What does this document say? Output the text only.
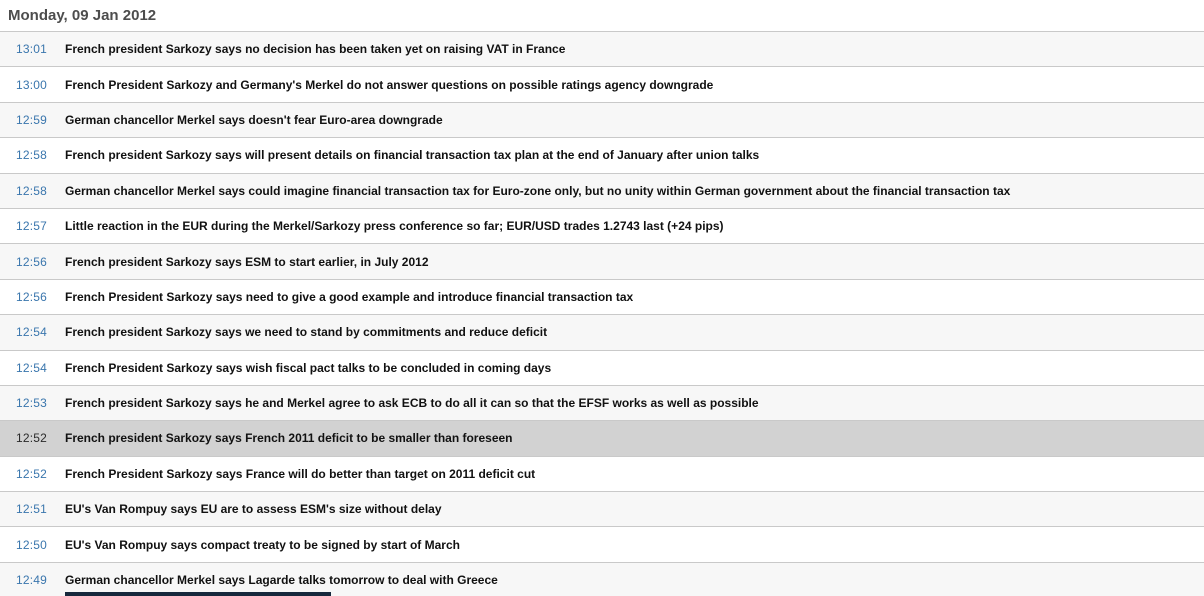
Monday, 09 Jan 2012
13:01	French president Sarkozy says no decision has been taken yet on raising VAT in France
13:00	French President Sarkozy and Germany's Merkel do not answer questions on possible ratings agency downgrade
12:59	German chancellor Merkel says doesn't fear Euro-area downgrade
12:58	French president Sarkozy says will present details on financial transaction tax plan at the end of January after union talks
12:58	German chancellor Merkel says could imagine financial transaction tax for Euro-zone only, but no unity within German government about the financial transaction tax
12:57	Little reaction in the EUR during the Merkel/Sarkozy press conference so far; EUR/USD trades 1.2743 last (+24 pips)
12:56	French president Sarkozy says ESM to start earlier, in July 2012
12:56	French President Sarkozy says need to give a good example and introduce financial transaction tax
12:54	French president Sarkozy says we need to stand by commitments and reduce deficit
12:54	French President Sarkozy says wish fiscal pact talks to be concluded in coming days
12:53	French president Sarkozy says he and Merkel agree to ask ECB to do all it can so that the EFSF works as well as possible
12:52	French president Sarkozy says French 2011 deficit to be smaller than foreseen
12:52	French President Sarkozy says France will do better than target on 2011 deficit cut
12:51	EU's Van Rompuy says EU are to assess ESM's size without delay
12:50	EU's Van Rompuy says compact treaty to be signed by start of March
12:49	German chancellor Merkel says Lagarde talks tomorrow to deal with Greece
